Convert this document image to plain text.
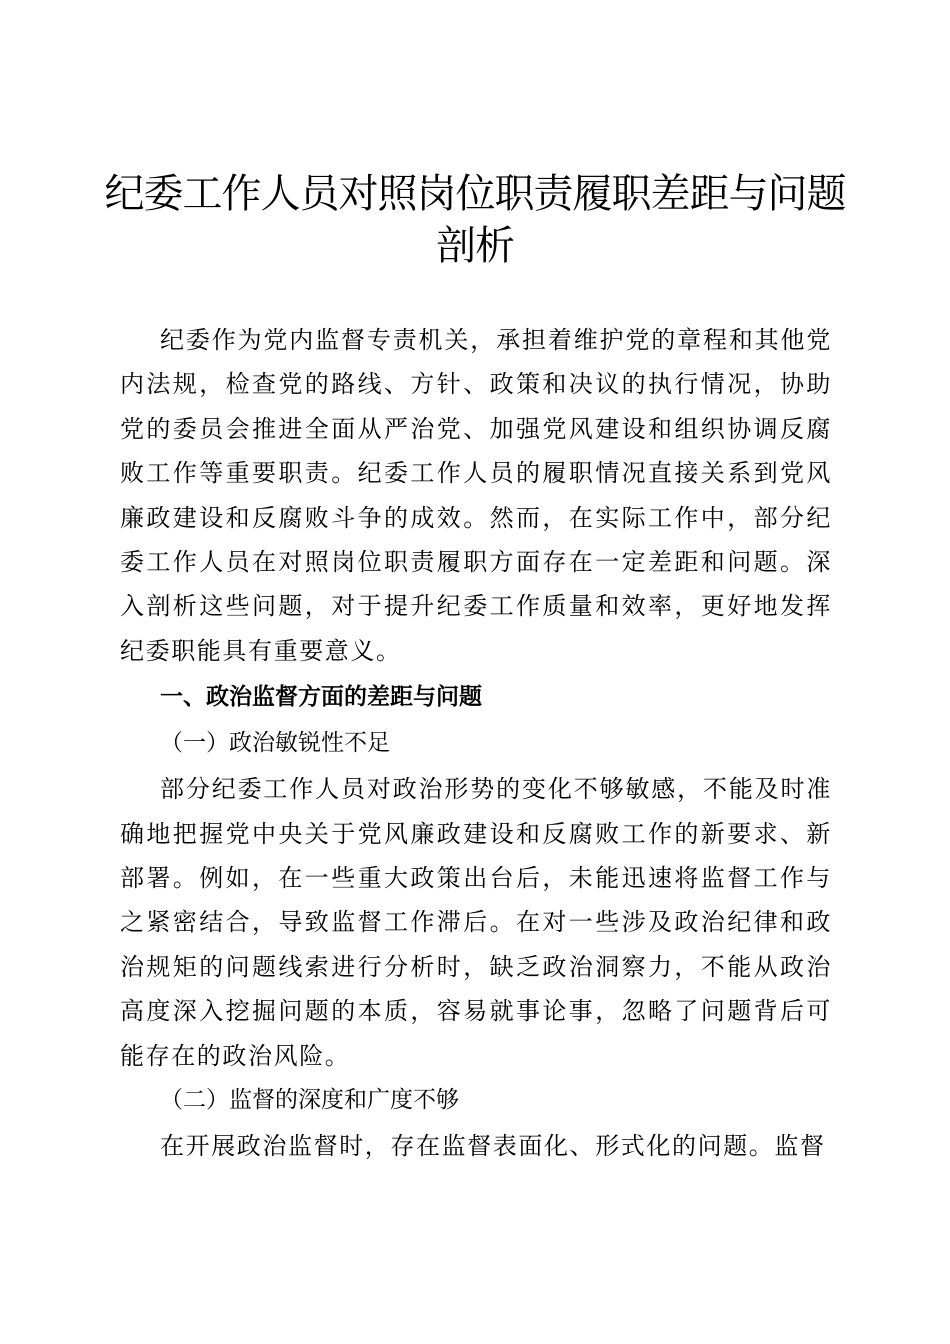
纪委工作人员对照岗位职责履职差距与问题剖析

纪委作为党内监督专责机关，承担着维护党的章程和其他党内法规，检查党的路线、方针、政策和决议的执行情况，协助党的委员会推进全面从严治党、加强党风建设和组织协调反腐败工作等重要职责。纪委工作人员的履职情况直接关系到党风廉政建设和反腐败斗争的成效。然而，在实际工作中，部分纪委工作人员在对照岗位职责履职方面存在一定差距和问题。深入剖析这些问题，对于提升纪委工作质量和效率，更好地发挥纪委职能具有重要意义。

一、政治监督方面的差距与问题
（一）政治敏锐性不足

部分纪委工作人员对政治形势的变化不够敏感，不能及时准确地把握党中央关于党风廉政建设和反腐败工作的新要求、新部署。例如，在一些重大政策出台后，未能迅速将监督工作与之紧密结合，导致监督工作滞后。在对一些涉及政治纪律和政治规矩的问题线索进行分析时，缺乏政治洞察力，不能从政治高度深入挖掘问题的本质，容易就事论事，忽略了问题背后可能存在的政治风险。

（二）监督的深度和广度不够

在开展政治监督时，存在监督表面化、形式化的问题。监督
